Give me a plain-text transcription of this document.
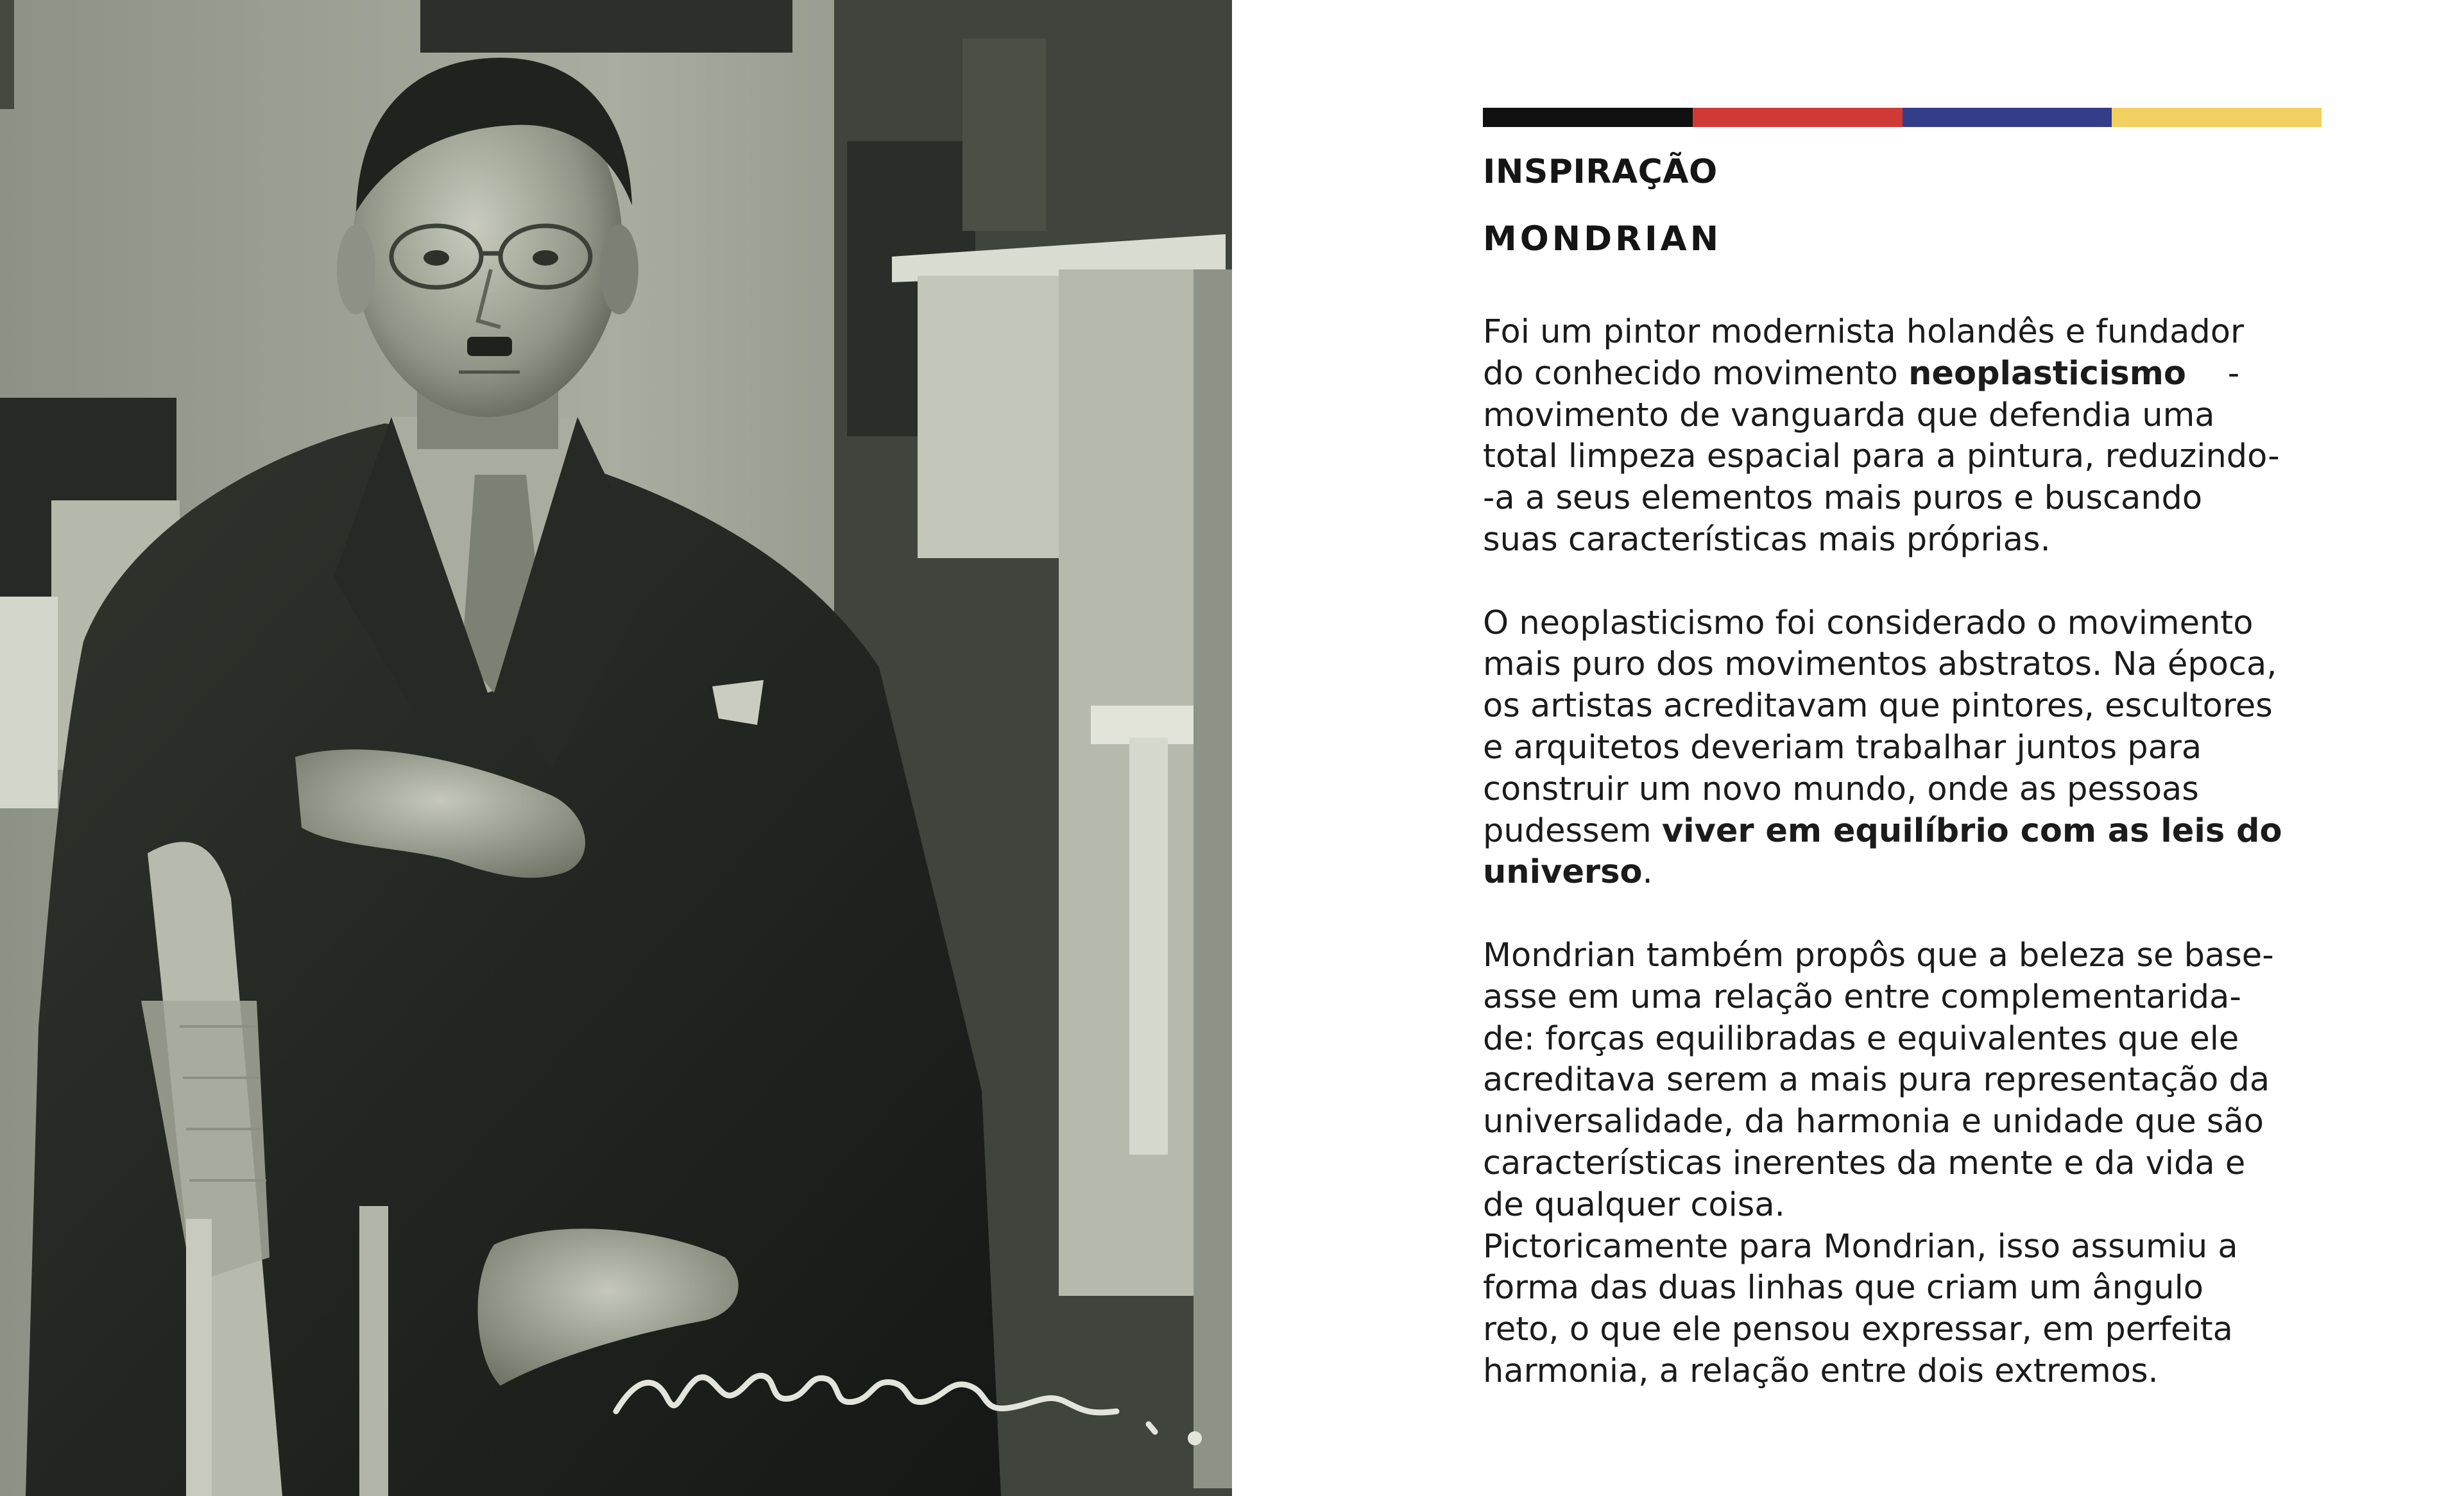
INSPIRAÇÃO
MONDRIAN

Foi um pintor modernista holandês e fundador
do conhecido movimento neoplasticismo    -
movimento de vanguarda que defendia uma
total limpeza espacial para a pintura, reduzindo-
-a a seus elementos mais puros e buscando
suas características mais próprias.

O neoplasticismo foi considerado o movimento
mais puro dos movimentos abstratos. Na época,
os artistas acreditavam que pintores, escultores
e arquitetos deveriam trabalhar juntos para
construir um novo mundo, onde as pessoas
pudessem viver em equilíbrio com as leis do
universo.

Mondrian também propôs que a beleza se base-
asse em uma relação entre complementarida-
de: forças equilibradas e equivalentes que ele
acreditava serem a mais pura representação da
universalidade, da harmonia e unidade que são
características inerentes da mente e da vida e
de qualquer coisa.
Pictoricamente para Mondrian, isso assumiu a
forma das duas linhas que criam um ângulo
reto, o que ele pensou expressar, em perfeita
harmonia, a relação entre dois extremos.
